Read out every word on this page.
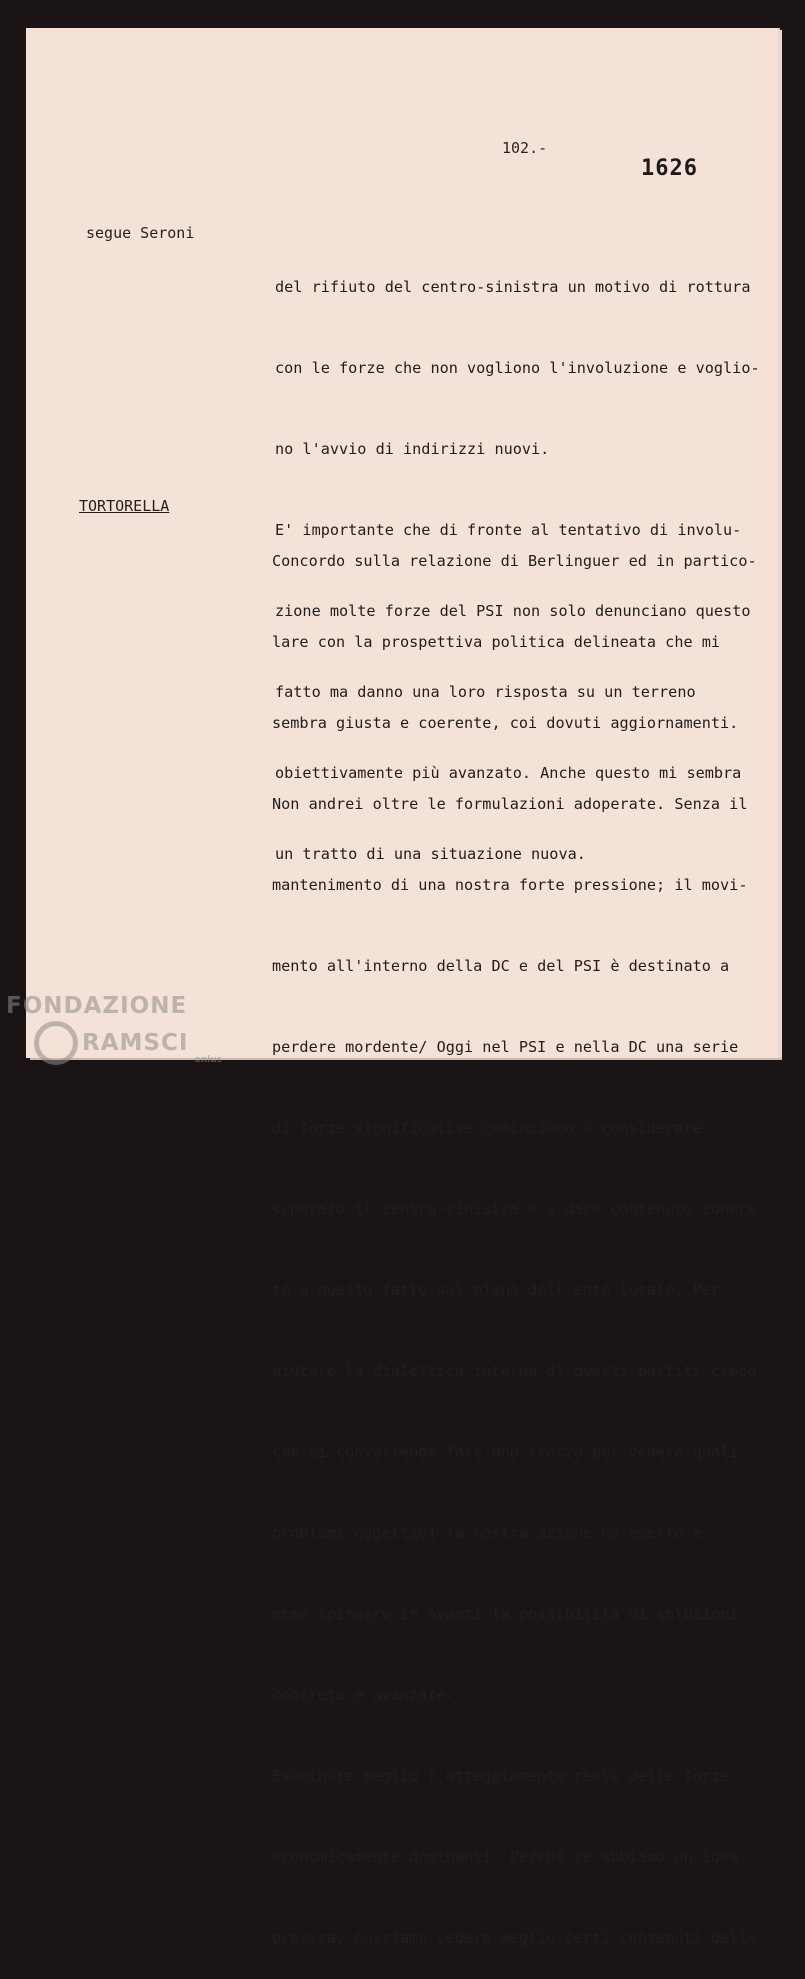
102.-
1626
segue Seroni

del rifiuto del centro-sinistra un motivo di rottura

con le forze che non vogliono l'involuzione e voglio-

no l'avvio di indirizzi nuovi.

E' importante che di fronte al tentativo di involu-

zione molte forze del PSI non solo denunciano questo

fatto ma danno una loro risposta su un terreno

obiettivamente più avanzato. Anche questo mi sembra

un tratto di una situazione nuova.

TORTORELLA

Concordo sulla relazione di Berlinguer ed in partico-

lare con la prospettiva politica delineata che mi

sembra giusta e coerente, coi dovuti aggiornamenti.

Non andrei oltre le formulazioni adoperate. Senza il

mantenimento di una nostra forte pressione; il movi-

mento all'interno della DC e del PSI è destinato a

perdere mordente/ Oggi nel PSI e nella DC una serie

di forze significative cominciano a considerare

superato il centro-sinistra e a dare contenuto concre

to a questo fatto sul piano dell'ente locale. Per

aiutare la dialettica interna di questi partiti credo

che ci converrebbe fare uno sforzo per vedere quali

problemi oggettivi la nostra azione ha aperto e

come spingere in avanti la possibilità di soluzioni

concrete e avanzate.

Esaminare meglio l'atteggiamento reale delle forze

economicamente dominanti. Perché se abbiamo un'idea

precisa, possiamo vedere meglio certi contenuti della

FONDAZIONE
RAMSCI
onlus
